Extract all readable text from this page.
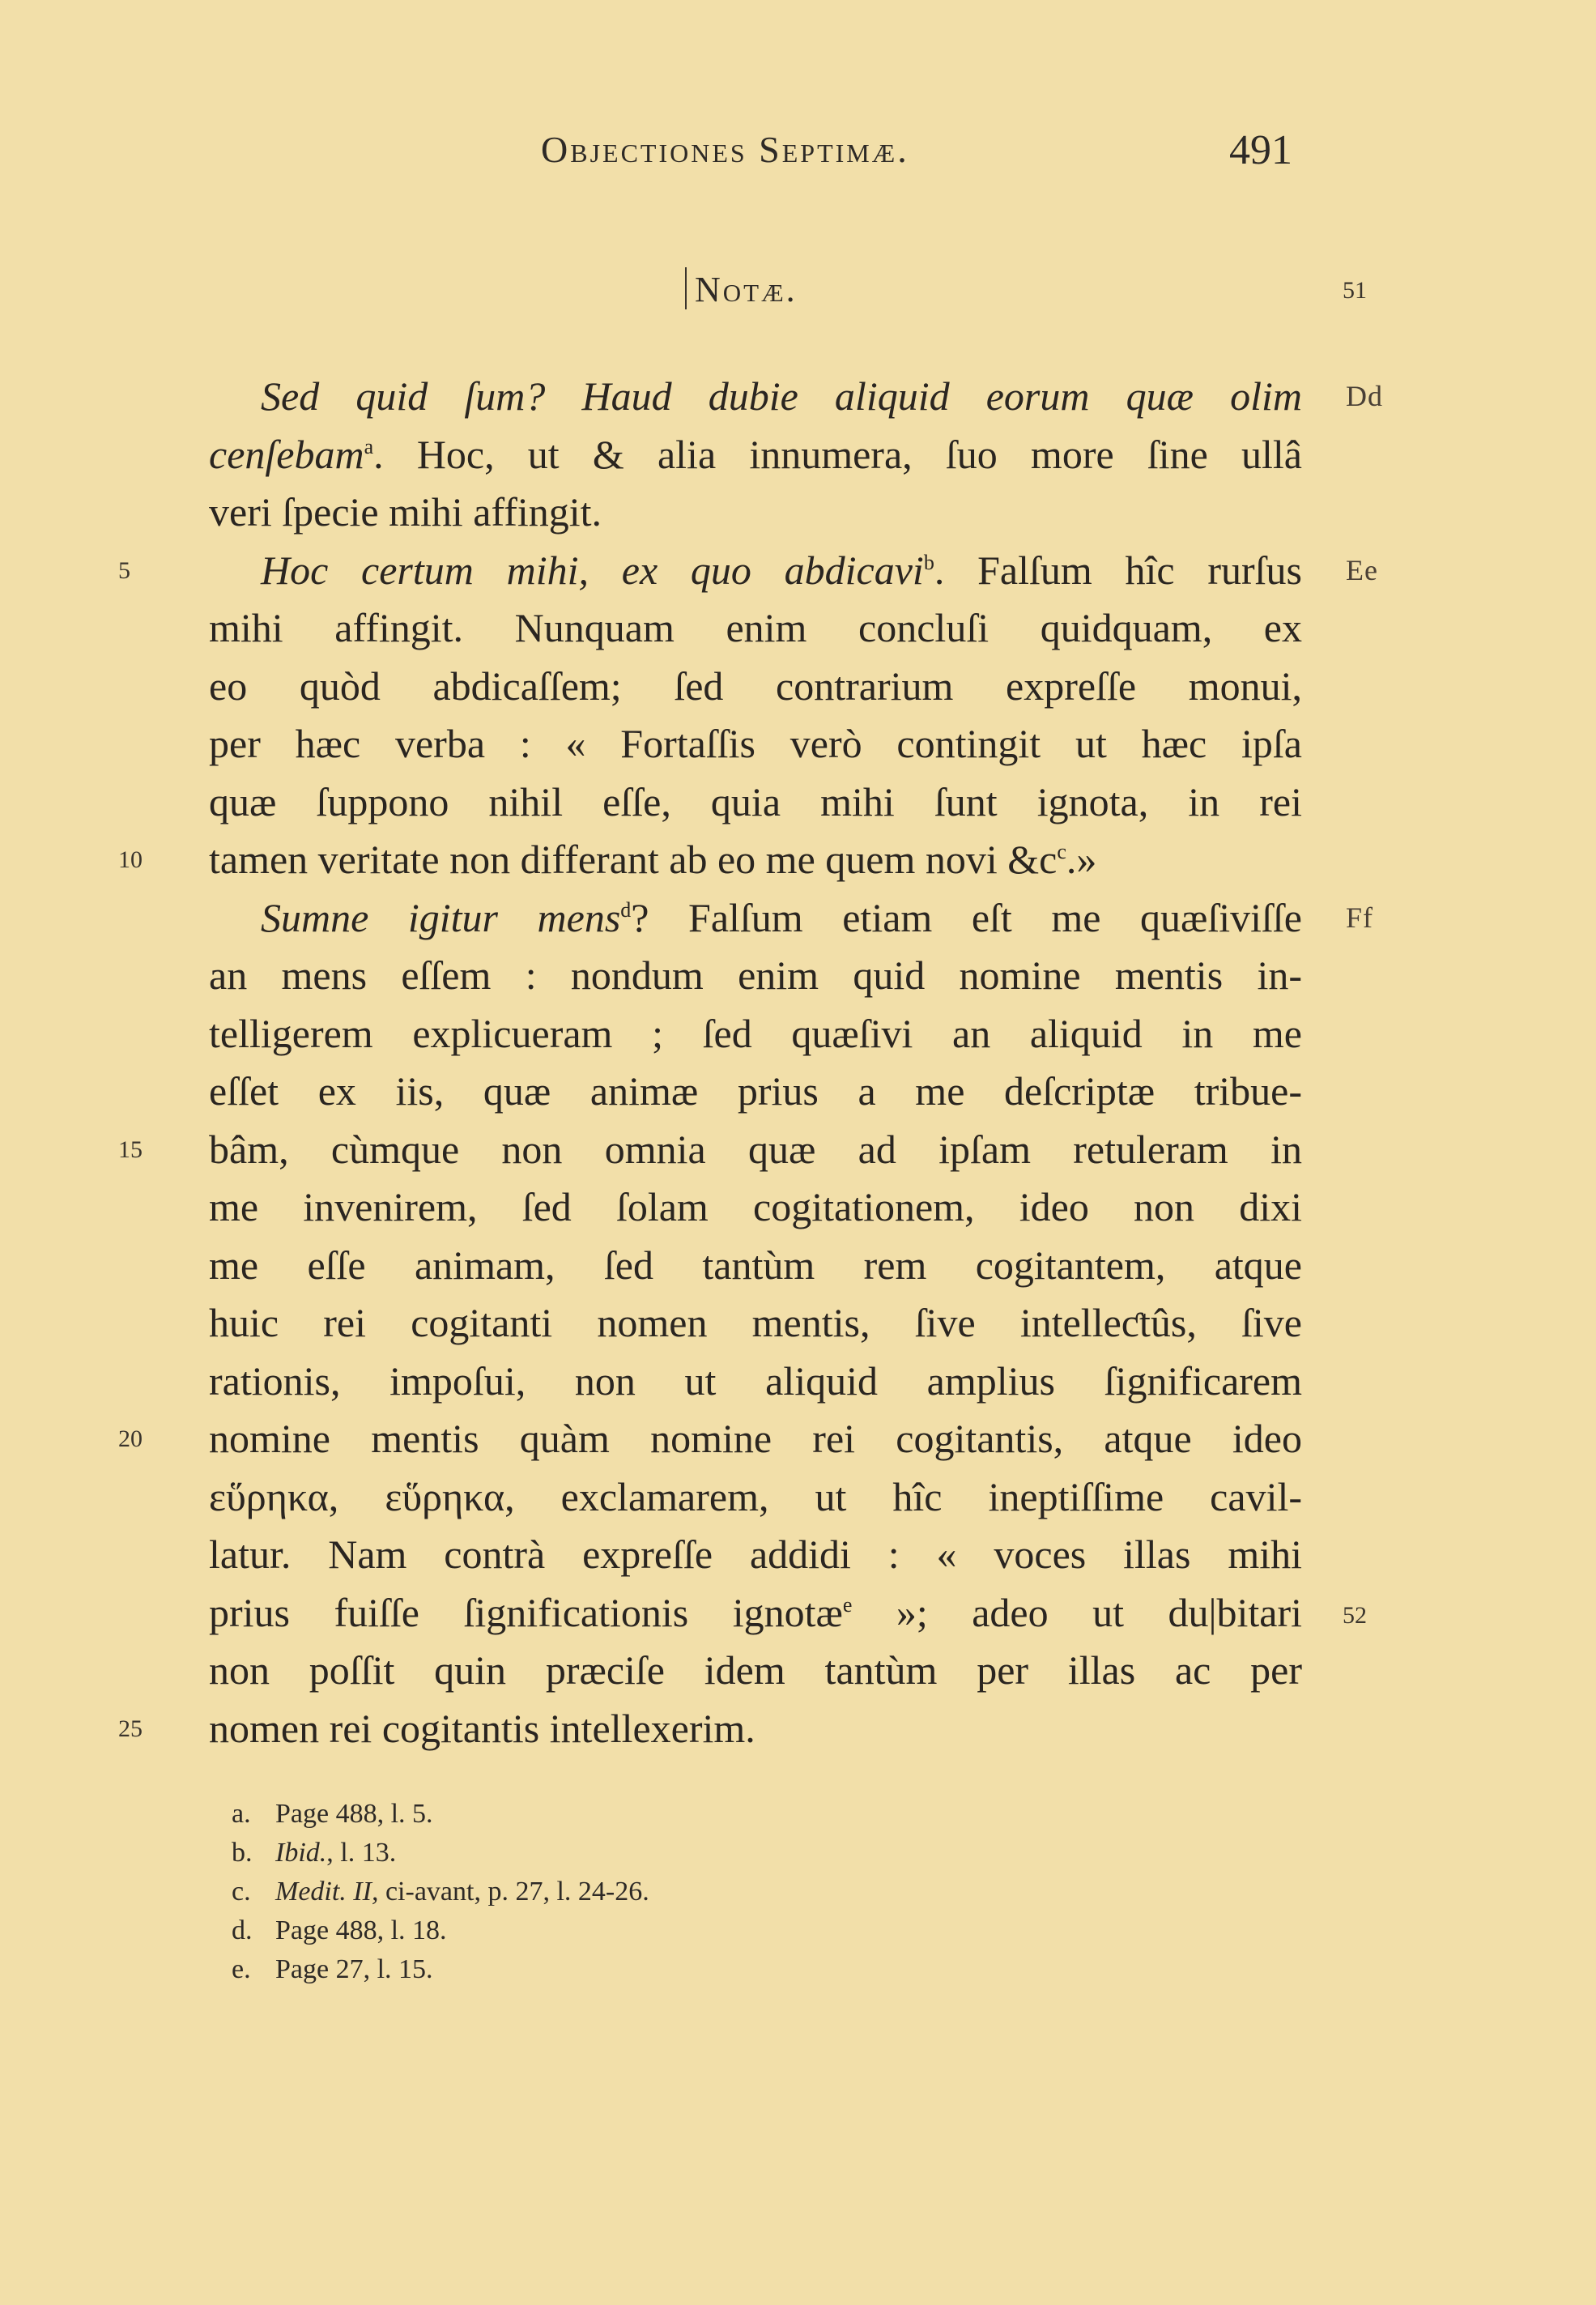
Objectiones Septimæ.	491
Notæ.	51
52
Sed quid ſum? Haud dubie aliquid eorum quæ olim Dd
cenſebam$^a$. Hoc, ut & alia innumera, ſuo more ſine ullâ
veri ſpecie mihi affingit.
5	Hoc certum mihi, ex quo abdicavi$^b$. Falſum hîc rurſus Ee
mihi affingit. Nunquam enim concluſi quidquam, ex
eo quòd abdicaſſem; ſed contrarium expreſſe monui,
per hæc verba : « Fortaſſis verò contingit ut hæc ipſa
quæ ſuppono nihil eſſe, quia mihi ſunt ignota, in rei
10	tamen veritate non differant ab eo me quem novi $\&c^c$.»
Sumne igitur mens$^d$? Falſum etiam eſt me quæſiviſſe Ff
an mens eſſem : nondum enim quid nomine mentis in-
telligerem explicueram ; ſed quæſivi an aliquid in me
eſſet ex iis, quæ animæ prius a me deſcriptæ tribue-
15	bâm, cùmque non omnia quæ ad ipſam retuleram in
me invenirem, ſed ſolam cogitationem, ideo non dixi
me eſſe animam, ſed tantùm rem cogitantem, atque
huic rei cogitanti nomen mentis, ſive intelleƈtûs, ſive
rationis, impoſui, non ut aliquid amplius ſignificarem
20	nomine mentis quàm nomine rei cogitantis, atque ideo
εὕρηκα, εὕρηκα, exclamarem, ut hîc ineptiſſime cavil-
latur. Nam contrà expreſſe addidi : « voces illas mihi
prius fuiſſe ſignificationis ignotæ$^e$ »; adeo ut du|bitari
non poſſit quin præciſe idem tantùm per illas ac per
25	nomen rei cogitantis intellexerim.
a. Page 488, l. 5.
b. Ibid., l. 13.
c. Medit. II, ci-avant, p. 27, l. 24-26.
d. Page 488, l. 18.
e. Page 27, l. 15.
